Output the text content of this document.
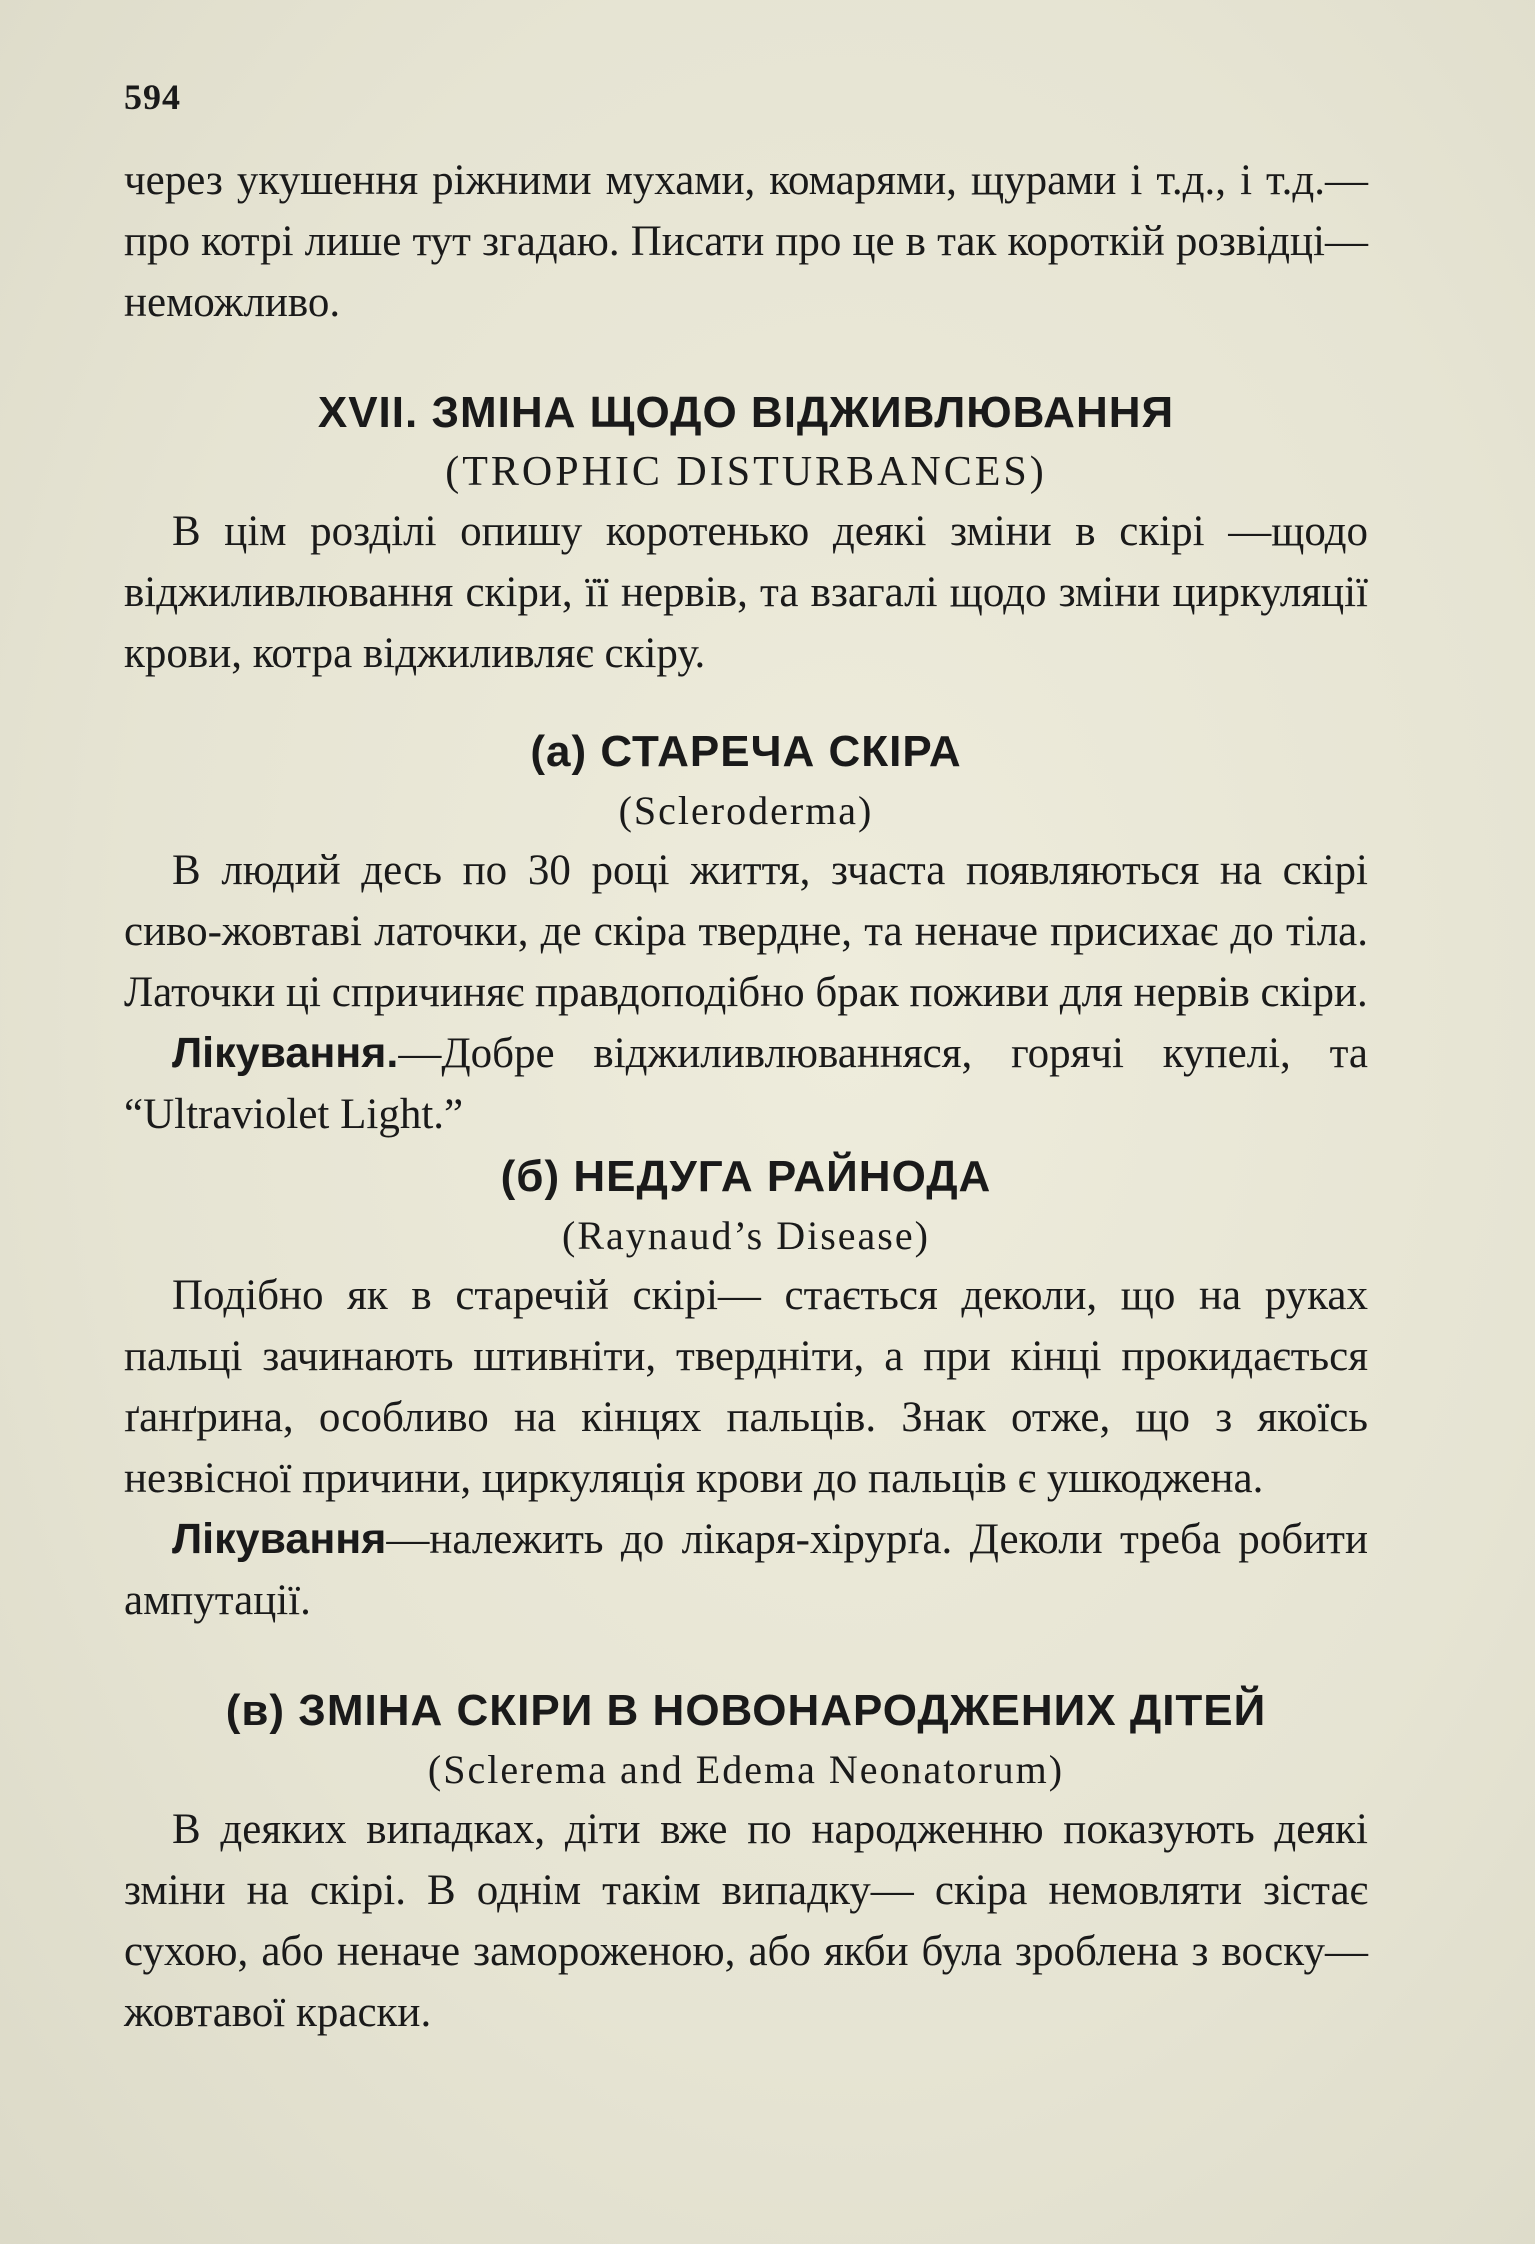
594

через укушення ріжними мухами, комарями, щурами і т.д., і т.д.—про котрі лише тут згадаю. Писати про це в так короткій розвідці—неможливо.

XVII. ЗМІНА ЩОДО ВІДЖИВЛЮВАННЯ
(TROPHIC DISTURBANCES)

В цім розділі опишу коротенько деякі зміни в скірі —щодо віджиливлювання скіри, її нервів, та взагалі щодо зміни циркуляції крови, котра віджиливляє скіру.

(а) СТАРЕЧА СКІРА
(Scleroderma)

В людий десь по 30 році життя, зчаста появляються на скірі сиво-жовтаві латочки, де скіра твердне, та неначе присихає до тіла. Латочки ці спричиняє правдоподібно брак поживи для нервів скіри.

Лікування.—Добре віджиливлюванняся, горячі купелі, та “Ultraviolet Light.”

(б) НЕДУГА РАЙНОДА
(Raynaud’s Disease)

Подібно як в старечій скірі— стається деколи, що на руках пальці зачинають штивніти, твердніти, а при кінці прокидається ґанґрина, особливо на кінцях пальців. Знак отже, що з якоїсь незвісної причини, циркуляція крови до пальців є ушкоджена.

Лікування—належить до лікаря-хірурґа. Деколи треба робити ампутації.

(в) ЗМІНА СКІРИ В НОВОНАРОДЖЕНИХ ДІТЕЙ
(Sclerema and Edema Neonatorum)

В деяких випадках, діти вже по народженню показують деякі зміни на скірі. В однім такім випадку— скіра немовляти зістає сухою, або неначе замороженою, або якби була зроблена з воску—жовтавої краски.
